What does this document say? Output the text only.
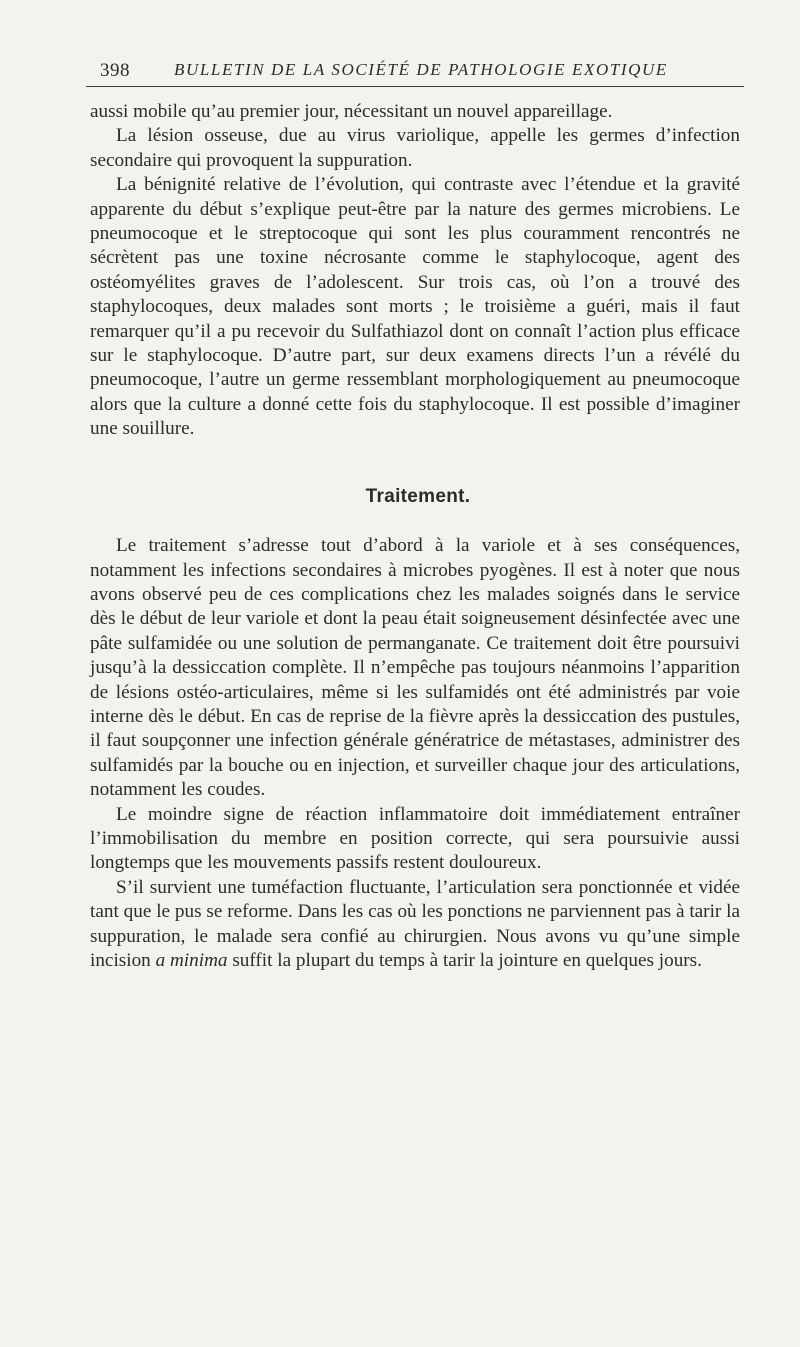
398	BULLETIN DE LA SOCIÉTÉ DE PATHOLOGIE EXOTIQUE

aussi mobile qu’au premier jour, nécessitant un nouvel appareillage.

La lésion osseuse, due au virus variolique, appelle les germes d’infection secondaire qui provoquent la suppuration.

La bénignité relative de l’évolution, qui contraste avec l’étendue et la gravité apparente du début s’explique peut-être par la nature des germes microbiens. Le pneumocoque et le streptocoque qui sont les plus couramment rencontrés ne sécrètent pas une toxine nécrosante comme le staphylocoque, agent des ostéomyélites graves de l’adolescent. Sur trois cas, où l’on a trouvé des staphylocoques, deux malades sont morts ; le troisième a guéri, mais il faut remarquer qu’il a pu recevoir du Sulfathiazol dont on connaît l’action plus efficace sur le staphylocoque. D’autre part, sur deux examens directs l’un a révélé du pneumocoque, l’autre un germe ressemblant morphologiquement au pneumocoque alors que la culture a donné cette fois du staphylocoque. Il est possible d’imaginer une souillure.

Traitement.

Le traitement s’adresse tout d’abord à la variole et à ses conséquences, notamment les infections secondaires à microbes pyogènes. Il est à noter que nous avons observé peu de ces complications chez les malades soignés dans le service dès le début de leur variole et dont la peau était soigneusement désinfectée avec une pâte sulfamidée ou une solution de permanganate. Ce traitement doit être poursuivi jusqu’à la dessiccation complète. Il n’empêche pas toujours néanmoins l’apparition de lésions ostéo-articulaires, même si les sulfamidés ont été administrés par voie interne dès le début. En cas de reprise de la fièvre après la dessiccation des pustules, il faut soupçonner une infection générale génératrice de métastases, administrer des sulfamidés par la bouche ou en injection, et surveiller chaque jour des articulations, notamment les coudes.

Le moindre signe de réaction inflammatoire doit immédiatement entraîner l’immobilisation du membre en position correcte, qui sera poursuivie aussi longtemps que les mouvements passifs restent douloureux.

S’il survient une tuméfaction fluctuante, l’articulation sera ponctionnée et vidée tant que le pus se reforme. Dans les cas où les ponctions ne parviennent pas à tarir la suppuration, le malade sera confié au chirurgien. Nous avons vu qu’une simple incision a minima suffit la plupart du temps à tarir la jointure en quelques jours.
